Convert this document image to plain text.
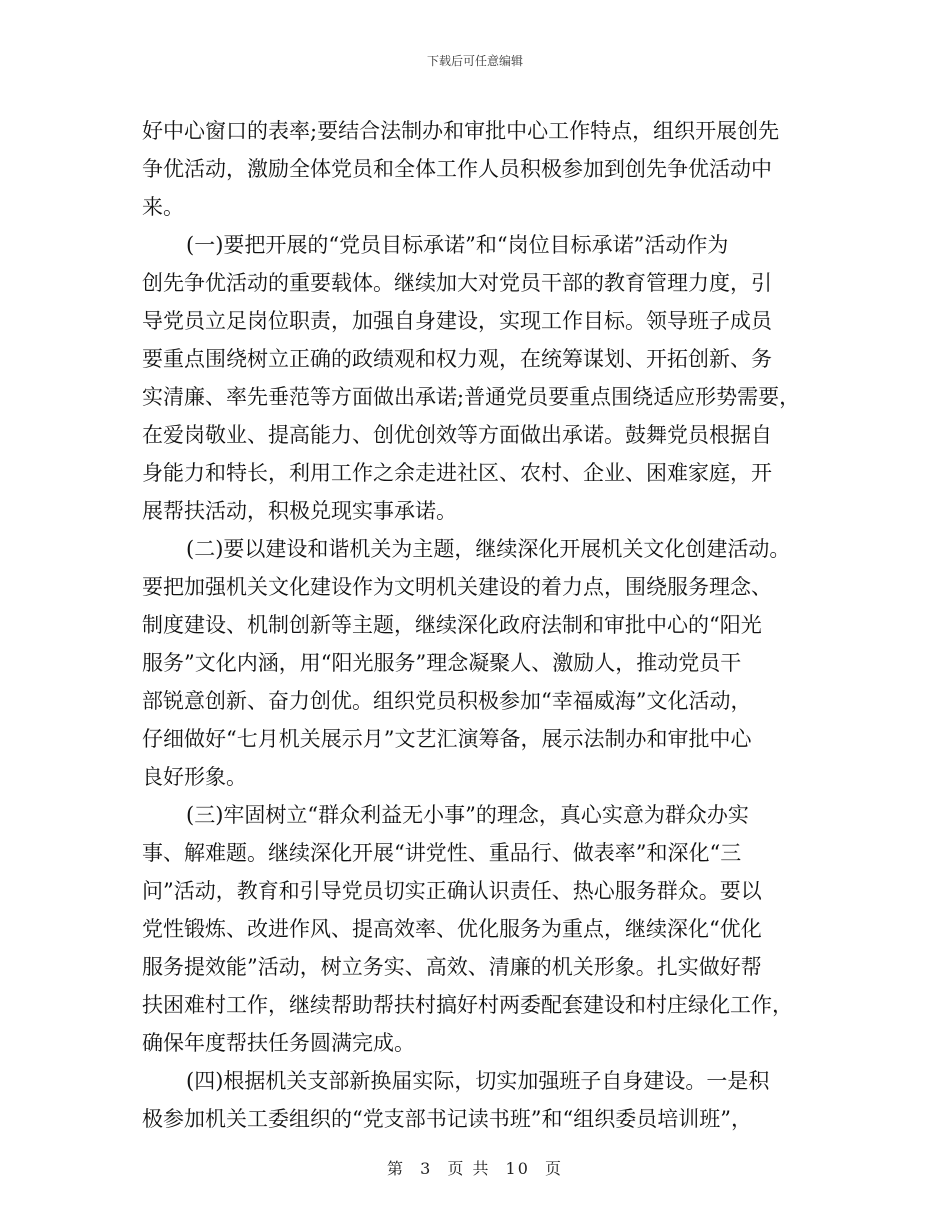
下载后可任意编辑
好中心窗口的表率;要结合法制办和审批中心工作特点，组织开展创先
争优活动，激励全体党员和全体工作人员积极参加到创先争优活动中
来。
(一)要把开展的“党员目标承诺”和“岗位目标承诺”活动作为
创先争优活动的重要载体。继续加大对党员干部的教育管理力度，引
导党员立足岗位职责，加强自身建设，实现工作目标。领导班子成员
要重点围绕树立正确的政绩观和权力观，在统筹谋划、开拓创新、务
实清廉、率先垂范等方面做出承诺;普通党员要重点围绕适应形势需要，
在爱岗敬业、提高能力、创优创效等方面做出承诺。鼓舞党员根据自
身能力和特长，利用工作之余走进社区、农村、企业、困难家庭，开
展帮扶活动，积极兑现实事承诺。
(二)要以建设和谐机关为主题，继续深化开展机关文化创建活动。
要把加强机关文化建设作为文明机关建设的着力点，围绕服务理念、
制度建设、机制创新等主题，继续深化政府法制和审批中心的“阳光
服务”文化内涵，用“阳光服务”理念凝聚人、激励人，推动党员干
部锐意创新、奋力创优。组织党员积极参加“幸福威海”文化活动，
仔细做好“七月机关展示月”文艺汇演筹备，展示法制办和审批中心
良好形象。
(三)牢固树立“群众利益无小事”的理念，真心实意为群众办实
事、解难题。继续深化开展“讲党性、重品行、做表率”和深化“三
问”活动，教育和引导党员切实正确认识责任、热心服务群众。要以
党性锻炼、改进作风、提高效率、优化服务为重点，继续深化“优化
服务提效能”活动，树立务实、高效、清廉的机关形象。扎实做好帮
扶困难村工作，继续帮助帮扶村搞好村两委配套建设和村庄绿化工作，
确保年度帮扶任务圆满完成。
(四)根据机关支部新换届实际，切实加强班子自身建设。一是积
极参加机关工委组织的“党支部书记读书班”和“组织委员培训班”，
第 3 页 共 10 页
